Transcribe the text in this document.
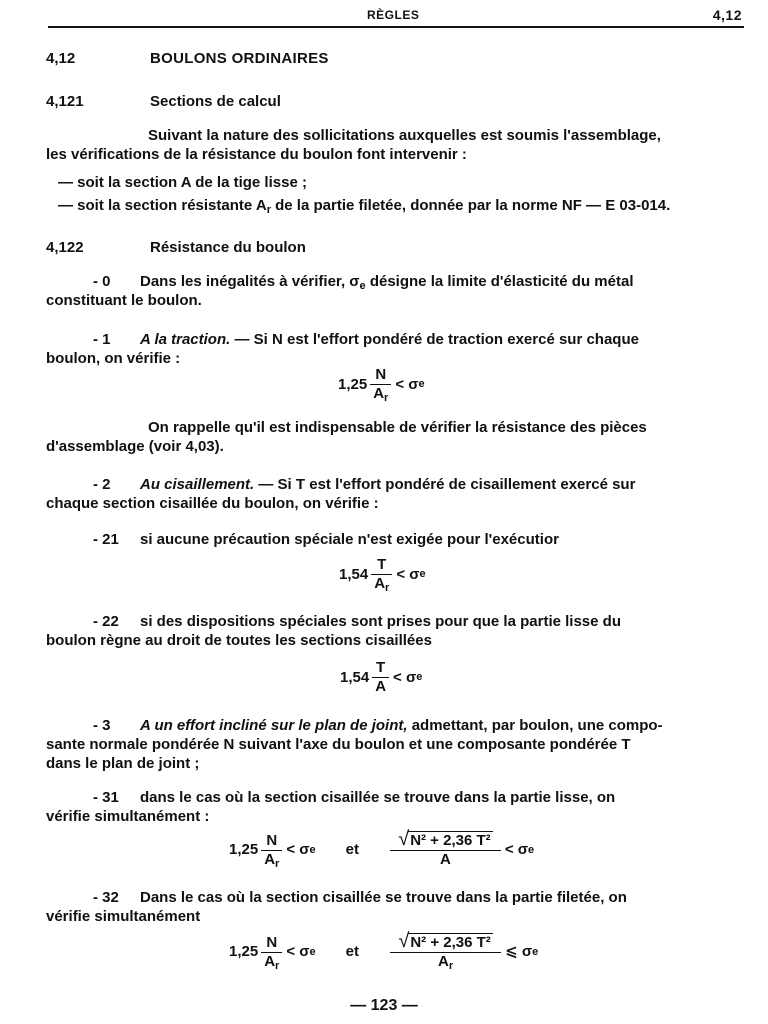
RÈGLES	4,12
4,12	BOULONS ORDINAIRES
4,121	Sections de calcul
Suivant la nature des sollicitations auxquelles est soumis l'assemblage,
les vérifications de la résistance du boulon font intervenir :
— soit la section A de la tige lisse ;
— soit la section résistante $A_r$ de la partie filetée, donnée par la norme NF — E 03-014.
4,122	Résistance du boulon
- 0 Dans les inégalités à vérifier, $\sigma_e$ désigne la limite d'élasticité du métal
constituant le boulon.
- 1 A la traction. — Si N est l'effort pondéré de traction exercé sur chaque
boulon, on vérifie :
$1,25 \frac{N}{A_r}$ <
σ e
On rappelle qu'il est indispensable de vérifier la résistance des pièces
d'assemblage (voir 4,03).
- 2 Au cisaillement. — Si T est l'effort pondéré de cisaillement exercé sur
chaque section cisaillée du boulon, on vérifie :
- 21 si aucune précaution spéciale n'est exigée pour l'exécutior
$1,54 \frac{T}{A_r}$ <
σ e
- 22 si des dispositions spéciales sont prises pour que la partie lisse du
boulon règne au droit de toutes les sections cisaillées
$1,54 \frac{T}{A}$ <
σ e
- 3 A un effort incliné sur le plan de joint, admettant, par boulon, une compo-
sante normale pondérée N suivant l'axe du boulon et une composante pondérée T
dans le plan de joint ;
- 31 dans le cas où la section cisaillée se trouve dans la partie lisse, on
vérifie simultanément :
$1,25 \frac{N}{A_r}$ <
σ e et $\frac{\text{√N² + 2,36 T²}}{A}$ <
σ e
- 32 Dans le cas où la section cisaillée se trouve dans la partie filetée, on
vérifie simultanément
$1,25 \frac{N}{A_r}$ <
σ e et $\frac{\text{√N² + 2,36 T²}}{A_r}$ ⩽
σ e
— 123 —
